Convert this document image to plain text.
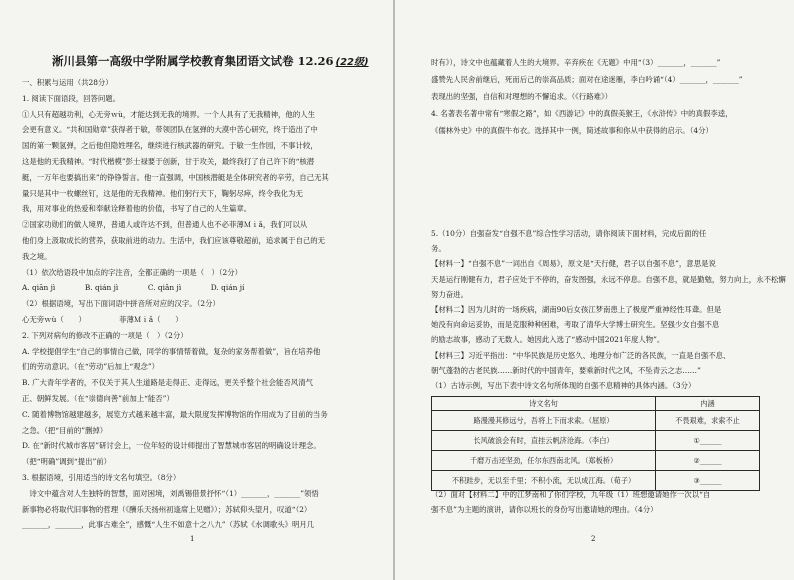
淅川县第一高级中学附属学校教育集团语文试卷 12.26 (22级)
一、积累与运用（共28分）
1. 阅读下面语段，回答问题。
①人只有超越功利，心无旁ｗù，才能达到无我的境界。一个人具有了无我精神，他的人生
会更有意义。“共和国勋章”获得者于敏，带领团队在氢弹的大漠中苦心研究，终于造出了中
国的第一颗氢弹，之后他但隐姓埋名，继续进行核武器的研究。于敏一生作园，不事计较，
这是他的无我精神。“时代楷模”彭士禄要于创新，甘于攻关，最终我打了自己许下的“核潜
艇，一万年也要搞出来”的铮铮誓言。他一直强调，中国核潜艇是全体研究者的辛劳，自己无其
量只是其中一枚螺丝钉，这是他的无我精神。他们躬行天下，鞠躬尽瘁，终令我化为无
我，用对事业的热爱和奉献诠释着他的价值，书写了自己的人生篇章。
②国家功勋们的做人境界，普通人或许达不到，但普通人也不必菲薄Ｍｉǎ，我们可以从
他们身上汲取成长的营养，获取前进的动力。生活中，我们应该尊敬超前，追求属于自己的无
我之境。
（1）依次给语段中加点的字注音，全都正确的一项是（　）（2分）
A. qiān jì　　　　B. qián jì　　　　C. qiǎn jì　　　　D. qián jí
（2）根据语境，写出下面词语中拼音所对应的汉字。（2分）
心无旁ｗù（　　）　　　　　菲薄Ｍｉǎ（　　）
2. 下列对病句的修改不正确的一项是（　）（2分）
A. 学校提倡学生“自己的事情自己做，同学的事情帮着做，复杂的家务帮着做”，旨在培养他
们的劳动意识。（在“劳动”后加上“观念”）
B. 广大青年学者的，不仅关于其人生道路是走得正、走得远，更关乎整个社会能否风清气
正、朝鲜发展。（在“崇德向善”前加上“能否”）
C. 随着博物馆越建越多，展览方式越来越丰富，最大限度发挥博物馆的作用成为了目前的当务
之急。（把“目前的”删掉）
D. 在“新时代城市客居”研讨会上，一位年轻的设计师提出了智慧城市客居的明确设计理念。
（把“明确”调到“提出”前）
3. 根据语境，引用适当的诗文名句填空。（8分）
　诗文中蕴含对人生独特的智慧，面对困境，刘禹锡借景抒怀“（1）_______，_______”领悟
新事物必将取代旧事物的哲理（《酬乐天扬州初逢席上见赠》）；苏轼仰头望月，叹道“（2）
_______，_______，此事古难全”，感慨“人生不如意十之八九”（苏轼《水调歌头》明月几
1
时有》），诗文中也蕴藏着人生的大境界。辛弃疾在《无题》中用“（3）_______，_______”
盛赞先人民舍前继后，死而后己的崇高品质；面对在途迷雁，李白吟诵“（4）_______，_______”
表现出的坚强，自信和对理想的不懈追求。（《行路难》）
4. 名著表名著中常有“寒假之路”，如《西游记》中的真假美猴王，《水浒传》中的真假李逵，
《儒林外史》中的真假牛布衣。选择其中一例，简述故事和你从中获得的启示。（4分）
5.（10分）自强奋发“自强不息”综合性学习活动，请你阅读下面材料，完成后面的任
务。
【材料一】“自强不息”一词出自《周易》，原文是“天行健，君子以自强不息”，意思是说
天是运行刚健有力，君子应处于不停的，奋发图强，永远不停息。自强不息，就是勤勉，努力向上，永不松懈
努力奋进。
【材料二】因为儿时的一场疾病，湖南90后女孩江梦南患上了极度严重神经性耳聋。但是
她没有向命运妥协，而是克服种种困难，考取了清华大学博士研究生。坚强少女自强不息
的励志故事，感动了无数人。她因此入选了“感动中国2021年度人物”。
【材料三】习近平指出：“中华民族是历史悠久、地理分布广泛的各民族，一直是自强不息、
朝气蓬勃的古老民族……新时代的中国青年，要乘新时代之风，不坠青云之志……”
（1）古诗示例，写出下表中诗文名句所体现的自强不息精神的具体内涵。（3分）
（2）面对【材料二】中的江梦南和了你们学校，九年级（1）班想邀请她作一次以“自
强不息”为主题的演讲，请你以班长的身份写出邀请她的理由。（4分）
2
诗文名句	内涵
路漫漫其修远兮，吾将上下而求索。（屈原）	不畏艰难，求索不止
长风破浪会有时，直挂云帆济沧海。（李白）	①______
千磨万击还坚劲，任尔东西南北风。（郑板桥）	②______
不积跬步，无以至千里；不积小流，无以成江海。（荀子）	③______
